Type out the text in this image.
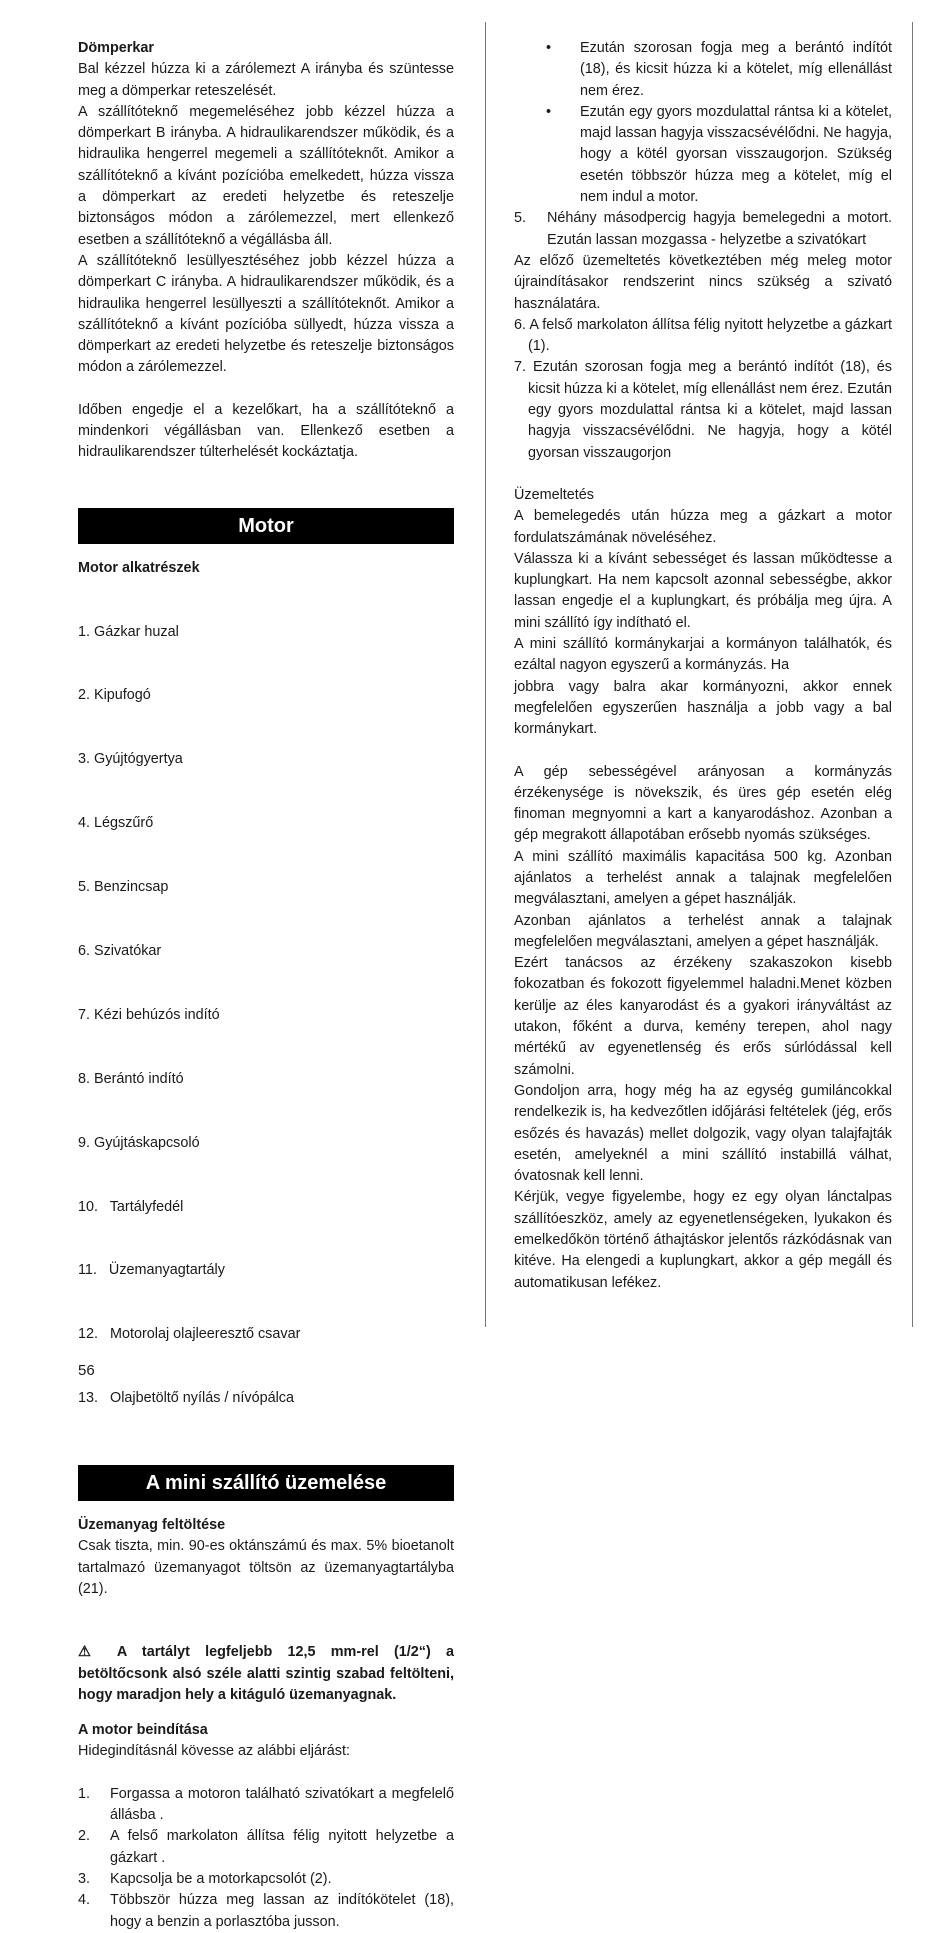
Dömperkar

Bal kézzel húzza ki a zárólemezt A irányba és szüntesse meg a dömperkar reteszelését.

A szállítóteknő megemeléséhez jobb kézzel húzza a dömperkart B irányba. A hidraulikarendszer működik, és a hidraulika hengerrel megemeli a szállítóteknőt. Amikor a szállítóteknő a kívánt pozícióba emelkedett, húzza vissza a dömperkart az eredeti helyzetbe és reteszelje biztonságos módon a zárólemezzel, mert ellenkező esetben a szállítóteknő a végállásba áll.

A szállítóteknő lesüllyesztéséhez jobb kézzel húzza a dömperkart C irányba. A hidraulikarendszer működik, és a hidraulika hengerrel lesüllyeszti a szállítóteknőt. Amikor a szállítóteknő a kívánt pozícióba süllyedt, húzza vissza a dömperkart az eredeti helyzetbe és reteszelje biztonságos módon a zárólemezzel.

Időben engedje el a kezelőkart, ha a szállítóteknő a mindenkori végállásban van. Ellenkező esetben a hidraulikarendszer túlterhelését kockáztatja.

Motor

Motor alkatrészek

1. Gázkar huzal

2. Kipufogó

3. Gyújtógyertya

4. Légszűrő

5. Benzincsap

6. Szivatókar

7. Kézi behúzós indító

8. Berántó indító

9. Gyújtáskapcsoló

10.   Tartályfedél

11.   Üzemanyagtartály

12.   Motorolaj olajleeresztő csavar

13.   Olajbetöltő nyílás / nívópálca

A mini szállító üzemelése

Üzemanyag feltöltése

Csak tiszta, min. 90-es oktánszámú és max. 5% bioetanolt tartalmazó üzemanyagot töltsön az üzemanyagtartályba (21).

⚠ A tartályt legfeljebb 12,5 mm-rel (1/2“) a betöltőcsonk alsó széle alatti szintig szabad feltölteni, hogy maradjon hely a kitáguló üzemanyagnak.

A motor beindítása

Hidegindításnál kövesse az alábbi eljárást:

1.	Forgassa a motoron található szivatókart a megfelelő állásba .
2.	A felső markolaton állítsa félig nyitott helyzetbe a gázkart .
3.	Kapcsolja be a motorkapcsolót (2).
4.	Többször húzza meg lassan az indítókötelet (18), hogy a benzin a porlasztóba jusson.
•	Ezután szorosan fogja meg a berántó indítót (18), és kicsit húzza ki a kötelet, míg ellenállást nem érez.
•	Ezután egy gyors mozdulattal rántsa ki a kötelet, majd lassan hagyja visszacsévélődni. Ne hagyja, hogy a kötél gyorsan visszaugorjon. Szükség esetén többször húzza meg a kötelet, míg el nem indul a motor.
5.	Néhány másodpercig hagyja bemelegedni a motort. Ezután lassan mozgassa - helyzetbe a szivatókart

Az előző üzemeltetés következtében még meleg motor újraindításakor rendszerint nincs szükség a szivató használatára.

6. A felső markolaton állítsa félig nyitott helyzetbe a gázkart (1).

7. Ezután szorosan fogja meg a berántó indítót (18), és kicsit húzza ki a kötelet, míg ellenállást nem érez. Ezután egy gyors mozdulattal rántsa ki a kötelet, majd lassan hagyja visszacsévélődni. Ne hagyja, hogy a kötél gyorsan visszaugorjon

Üzemeltetés

A bemelegedés után húzza meg a gázkart a motor fordulatszámának növeléséhez.

Válassza ki a kívánt sebességet és lassan működtesse a kuplungkart. Ha nem kapcsolt azonnal sebességbe, akkor lassan engedje el a kuplungkart, és próbálja meg újra. A mini szállító így indítható el.

A mini szállító kormánykarjai a kormányon találhatók, és ezáltal nagyon egyszerű a kormányzás. Ha

jobbra vagy balra akar kormányozni, akkor ennek megfelelően egyszerűen használja a jobb vagy a bal kormánykart.

A gép sebességével arányosan a kormányzás érzékenysége is növekszik, és üres gép esetén elég finoman megnyomni a kart a kanyarodáshoz. Azonban a gép megrakott állapotában erősebb nyomás szükséges.

A mini szállító maximális kapacitása 500 kg. Azonban ajánlatos a terhelést annak a talajnak megfelelően megválasztani, amelyen a gépet használják.

Azonban ajánlatos a terhelést annak a talajnak megfelelően megválasztani, amelyen a gépet használják.

Ezért tanácsos az érzékeny szakaszokon kisebb fokozatban és fokozott figyelemmel haladni.Menet közben kerülje az éles kanyarodást és a gyakori irányváltást az utakon, főként a durva, kemény terepen, ahol nagy mértékű av egyenetlenség és erős súrlódással kell számolni.

Gondoljon arra, hogy még ha az egység gumiláncokkal rendelkezik is, ha kedvezőtlen időjárási feltételek (jég, erős esőzés és havazás) mellet dolgozik, vagy olyan talajfajták esetén, amelyeknél a mini szállító instabillá válhat, óvatosnak kell lenni.

Kérjük, vegye figyelembe, hogy ez egy olyan lánctalpas szállítóeszköz, amely az egyenetlenségeken, lyukakon és emelkedőkön történő áthajtáskor jelentős rázkódásnak van kitéve. Ha elengedi a kuplungkart, akkor a gép megáll és automatikusan lefékez.

56
